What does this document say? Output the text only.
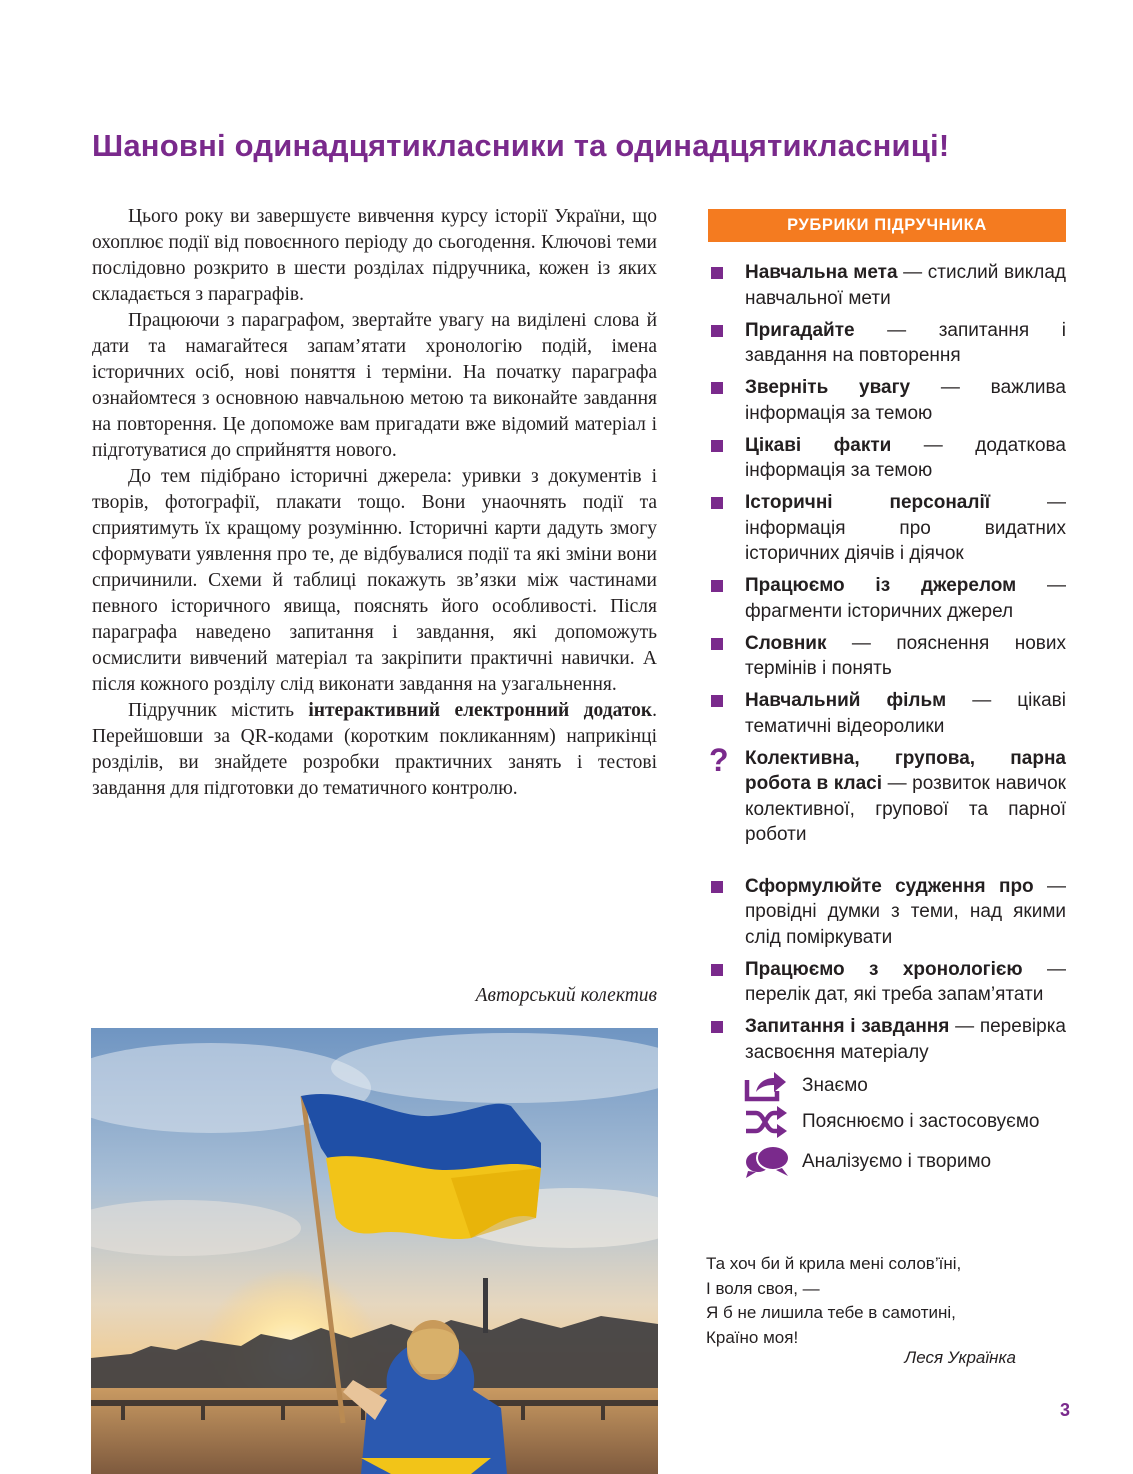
Шановні одинадцятикласники та одинадцятикласниці!

Цього року ви завершуєте вивчення курсу історії України, що охоплює події від повоєнного періоду до сьогодення. Ключові теми послідовно розкрито в шести розділах підручника, кожен із яких складається з параграфів.

Працюючи з параграфом, звертайте увагу на виділені слова й дати та намагайтеся запам’ятати хронологію подій, імена історичних осіб, нові поняття і терміни. На початку параграфа ознайомтеся з основною навчальною метою та виконайте завдання на повторення. Це допоможе вам пригадати вже відомий матеріал і підготуватися до сприйняття нового.

До тем підібрано історичні джерела: уривки з документів і творів, фотографії, плакати тощо. Вони унаочнять події та сприятимуть їх кращому розумінню. Історичні карти дадуть змогу сформувати уявлення про те, де відбувалися події та які зміни вони спричинили. Схеми й таблиці покажуть зв’язки між частинами певного історичного явища, пояснять його особливості. Після параграфа наведено запитання і завдання, які допоможуть осмислити вивчений матеріал та закріпити практичні навички. А після кожного розділу слід виконати завдання на узагальнення.

Підручник містить інтерактивний електронний додаток. Перейшовши за QR-кодами (коротким покликанням) наприкінці розділів, ви знайдете розробки практичних занять і тестові завдання для підготовки до тематичного контролю.

Авторський колектив
РУБРИКИ ПІДРУЧНИКА
Навчальна мета — стислий виклад навчальної мети
Пригадайте — запитання і завдання на повторення
Зверніть увагу — важлива інформація за темою
Цікаві факти — додаткова інформація за темою
Історичні персоналії — інформація про видатних історичних діячів і діячок
Працюємо із джерелом — фрагменти історичних джерел
Словник — пояснення нових термінів і понять
Навчальний фільм — цікаві тематичні відеоролики
? Колективна, групова, парна робота в класі — розвиток навичок колективної, групової та парної роботи
Сформулюйте судження про — провідні думки з теми, над якими слід поміркувати
Працюємо з хронологією — перелік дат, які треба запам’ятати
Запитання і завдання — перевірка засвоєння матеріалу
Знаємо
Пояснюємо і застосовуємо
Аналізуємо і творимо
Та хоч би й крила мені солов’їні,
І воля своя, —
Я б не лишила тебе в самотині,
Країно моя!
Леся Українка
3
